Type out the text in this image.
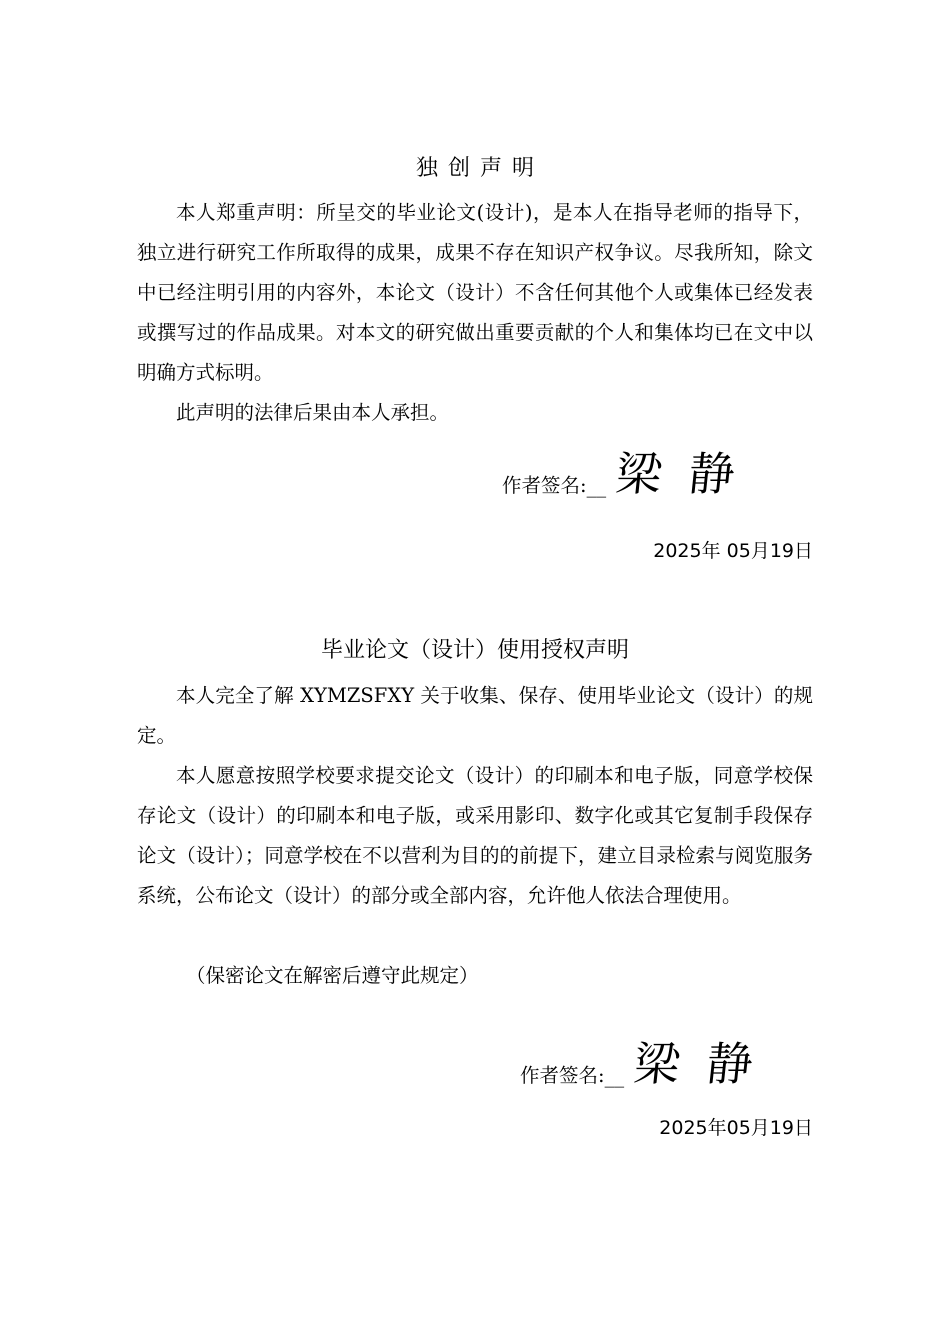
独创声明

本人郑重声明：所呈交的毕业论文(设计)，是本人在指导老师的指导下，独立进行研究工作所取得的成果，成果不存在知识产权争议。尽我所知，除文中已经注明引用的内容外，本论文（设计）不含任何其他个人或集体已经发表或撰写过的作品成果。对本文的研究做出重要贡献的个人和集体均已在文中以明确方式标明。

此声明的法律后果由本人承担。

作者签名: __ 梁 静
2025年 05月19日
毕业论文（设计）使用授权声明

本人完全了解 XYMZSFXY 关于收集、保存、使用毕业论文（设计）的规定。

本人愿意按照学校要求提交论文（设计）的印刷本和电子版，同意学校保存论文（设计）的印刷本和电子版，或采用影印、数字化或其它复制手段保存论文（设计）；同意学校在不以营利为目的的前提下，建立目录检索与阅览服务系统，公布论文（设计）的部分或全部内容，允许他人依法合理使用。

（保密论文在解密后遵守此规定）

作者签名: __ 梁 静
2025年05月19日
